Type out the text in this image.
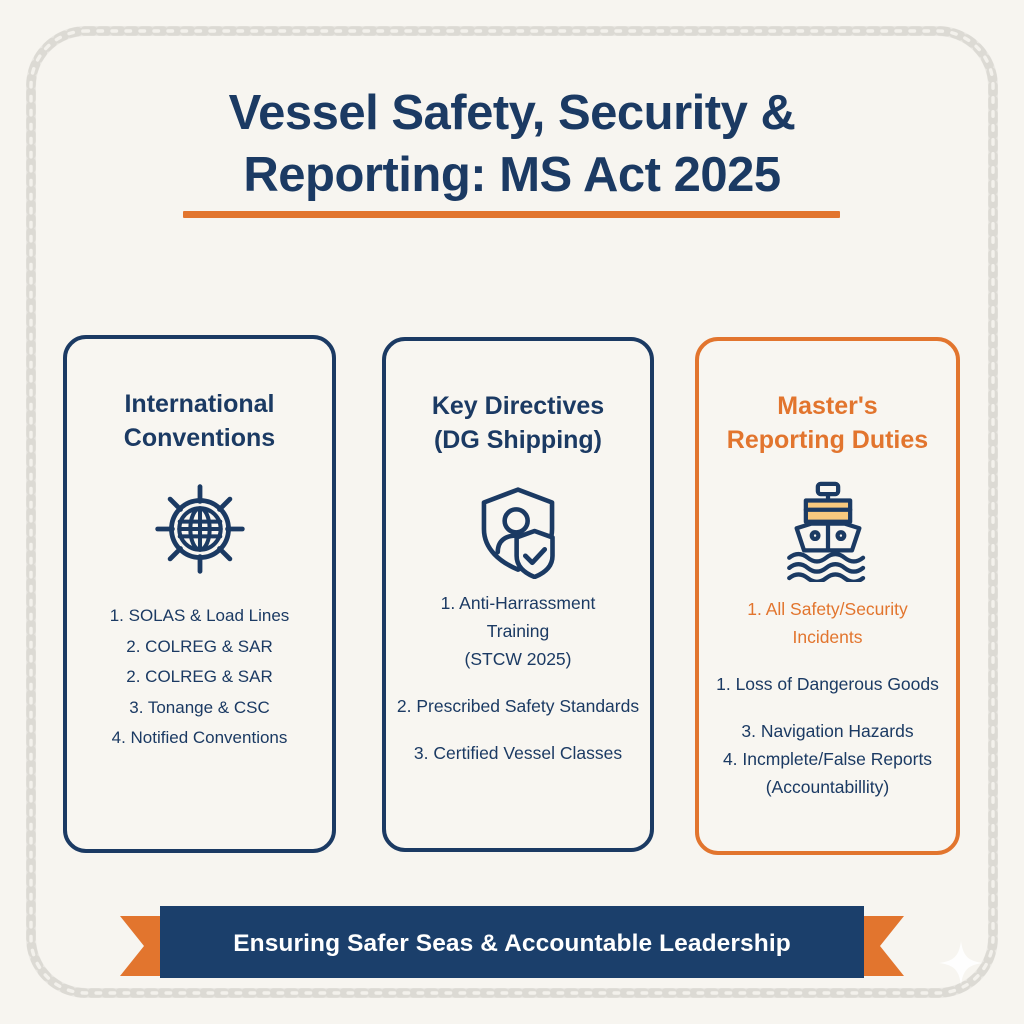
Vessel Safety, Security &
Reporting: MS Act 2025
International
Conventions
1. SOLAS & Load Lines
2. COLREG & SAR
2. COLREG & SAR
3. Tonange & CSC
4. Notified Conventions
Key Directives
(DG Shipping)
1. Anti-Harrassment
Training
(STCW 2025)
2. Prescribed Safety Standards
3. Certified Vessel Classes
Master's
Reporting Duties
1. All Safety/Security
Incidents
1. Loss of Dangerous Goods
3. Navigation Hazards
4. Incmplete/False Reports
(Accountabillity)
Ensuring Safer Seas & Accountable Leadership
